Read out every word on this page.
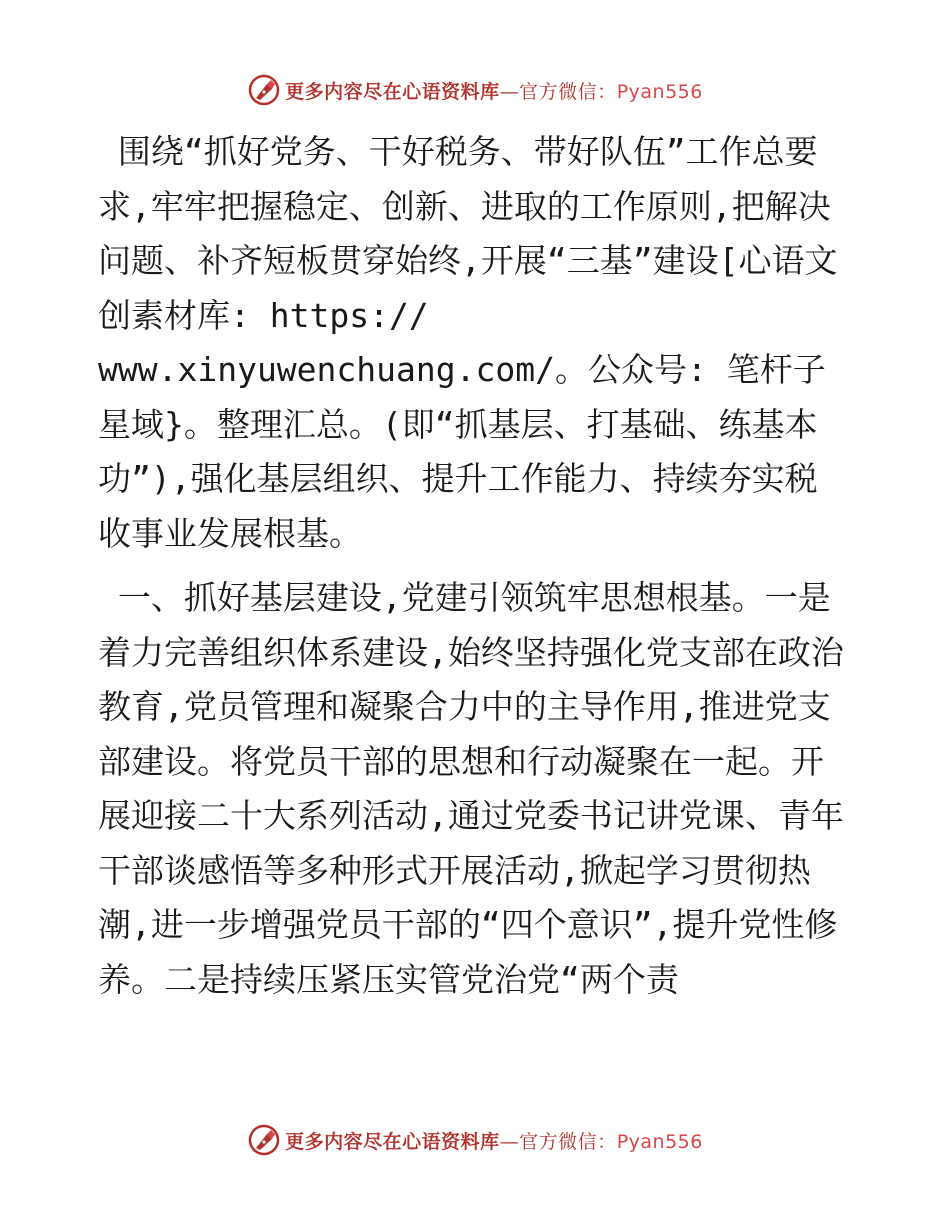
更多内容尽在心语资料库 —官方微信： Pyan556

围绕“抓好党务、干好税务、带好队伍”工作总要求,牢牢把握稳定、创新、进取的工作原则,把解决问题、补齐短板贯穿始终,开展“三基”建设[心语文创素材库: https://
www.xinyuwenchuang.com/。公众号: 笔杆子星域}。整理汇总。(即“抓基层、打基础、练基本功”),强化基层组织、提升工作能力、持续夯实税收事业发展根基。

一、抓好基层建设,党建引领筑牢思想根基。一是着力完善组织体系建设,始终坚持强化党支部在政治教育,党员管理和凝聚合力中的主导作用,推进党支部建设。将党员干部的思想和行动凝聚在一起。开展迎接二十大系列活动,通过党委书记讲党课、青年干部谈感悟等多种形式开展活动,掀起学习贯彻热潮,进一步增强党员干部的“四个意识”,提升党性修养。二是持续压紧压实管党治党“两个责

更多内容尽在心语资料库 —官方微信： Pyan556
